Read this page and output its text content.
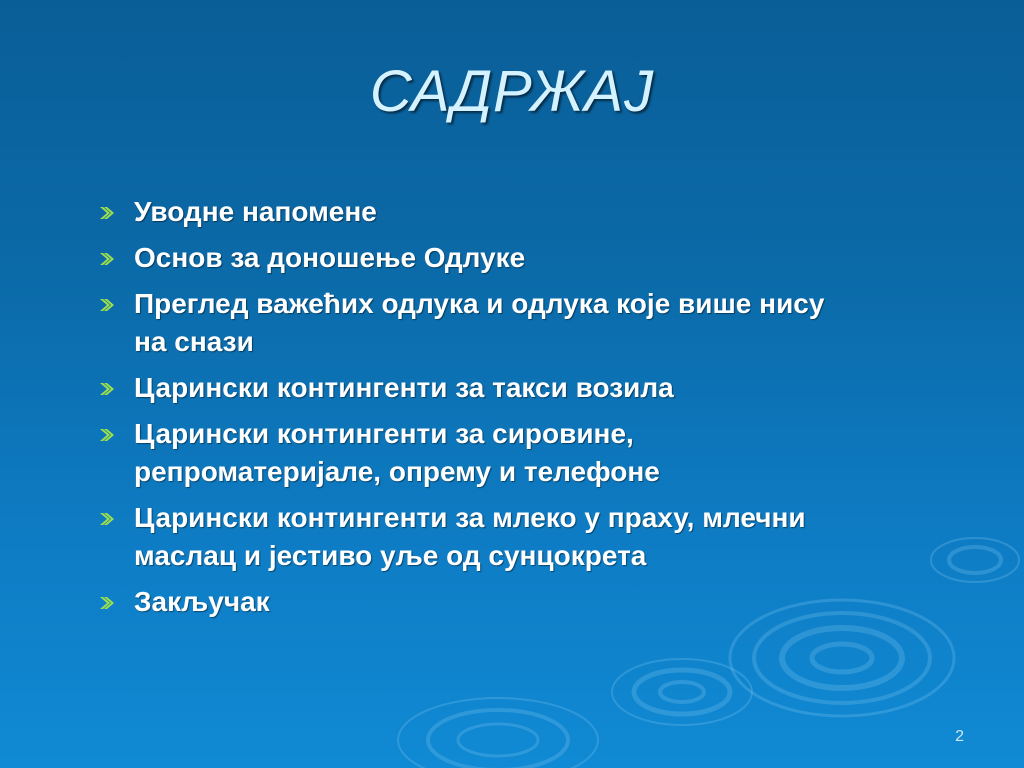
САДРЖАЈ
Уводне напомене
Основ за доношење Одлуке
Преглед важећих одлука и одлука које више нису
на снази
Царински контингенти за такси возила
Царински контингенти за сировине,
репроматеријале, опрему и телефоне
Царински контингенти за млеко у праху, млечни
маслац и јестиво уље од сунцокрета
Закључак
2
